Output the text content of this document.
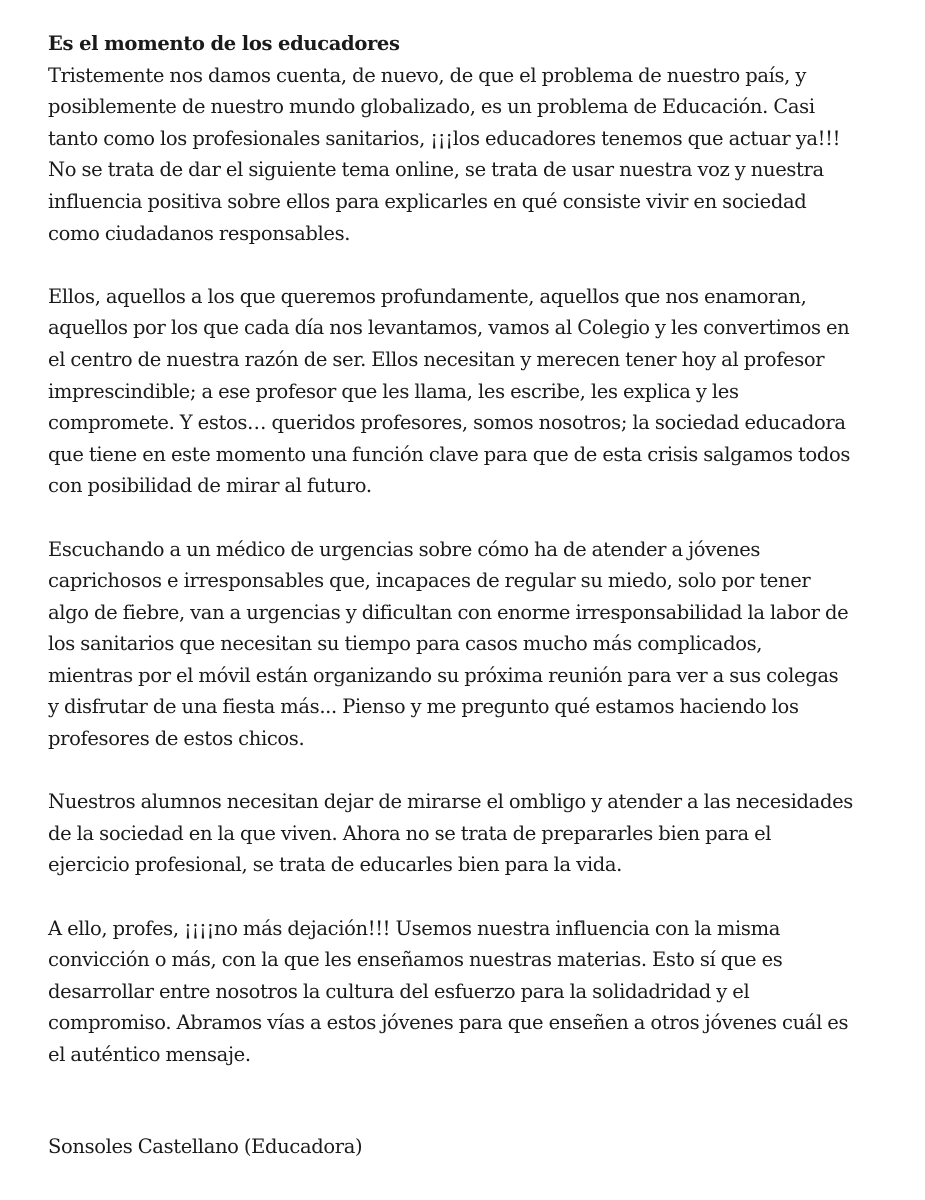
Es el momento de los educadores

Tristemente nos damos cuenta, de nuevo, de que el problema de nuestro país, y
posiblemente de nuestro mundo globalizado, es un problema de Educación. Casi
tanto como los profesionales sanitarios, ¡¡¡los educadores tenemos que actuar ya!!!
No se trata de dar el siguiente tema online, se trata de usar nuestra voz y nuestra
influencia positiva sobre ellos para explicarles en qué consiste vivir en sociedad
como ciudadanos responsables.

Ellos, aquellos a los que queremos profundamente, aquellos que nos enamoran,
aquellos por los que cada día nos levantamos, vamos al Colegio y les convertimos en
el centro de nuestra razón de ser. Ellos necesitan y merecen tener hoy al profesor
imprescindible; a ese profesor que les llama, les escribe, les explica y les
compromete. Y estos… queridos profesores, somos nosotros; la sociedad educadora
que tiene en este momento una función clave para que de esta crisis salgamos todos
con posibilidad de mirar al futuro.

Escuchando a un médico de urgencias sobre cómo ha de atender a jóvenes
caprichosos e irresponsables que, incapaces de regular su miedo, solo por tener
algo de fiebre, van a urgencias y dificultan con enorme irresponsabilidad la labor de
los sanitarios que necesitan su tiempo para casos mucho más complicados,
mientras por el móvil están organizando su próxima reunión para ver a sus colegas
y disfrutar de una fiesta más... Pienso y me pregunto qué estamos haciendo los
profesores de estos chicos.

Nuestros alumnos necesitan dejar de mirarse el ombligo y atender a las necesidades
de la sociedad en la que viven. Ahora no se trata de prepararles bien para el
ejercicio profesional, se trata de educarles bien para la vida.

A ello, profes, ¡¡¡¡no más dejación!!! Usemos nuestra influencia con la misma
convicción o más, con la que les enseñamos nuestras materias. Esto sí que es
desarrollar entre nosotros la cultura del esfuerzo para la solidadridad y el
compromiso. Abramos vías a estos jóvenes para que enseñen a otros jóvenes cuál es
el auténtico mensaje.

Sonsoles Castellano (Educadora)
